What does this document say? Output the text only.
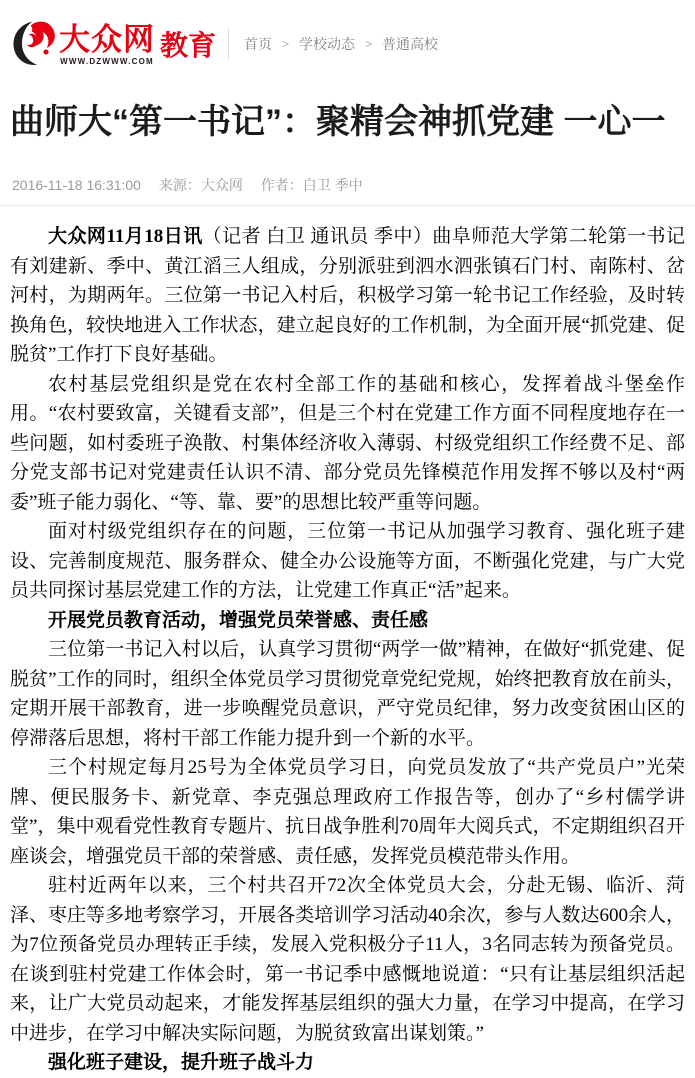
大众网
WWW.DZWWW.COM 教育 首页 > 学校动态 > 普通高校
曲师大“第一书记”：聚精会神抓党建 一心一
2016-11-18 16:31:00 来源：大众网 作者：白卫 季中

大众网11月18日讯（记者 白卫 通讯员 季中）曲阜师范大学第二轮第一书记有刘建新、季中、黄江滔三人组成，分别派驻到泗水泗张镇石门村、南陈村、岔河村，为期两年。三位第一书记入村后，积极学习第一轮书记工作经验，及时转换角色，较快地进入工作状态，建立起良好的工作机制，为全面开展“抓党建、促脱贫”工作打下良好基础。

农村基层党组织是党在农村全部工作的基础和核心，发挥着战斗堡垒作用。“农村要致富，关键看支部”，但是三个村在党建工作方面不同程度地存在一些问题，如村委班子涣散、村集体经济收入薄弱、村级党组织工作经费不足、部分党支部书记对党建责任认识不清、部分党员先锋模范作用发挥不够以及村“两委”班子能力弱化、“等、靠、要”的思想比较严重等问题。

面对村级党组织存在的问题，三位第一书记从加强学习教育、强化班子建设、完善制度规范、服务群众、健全办公设施等方面，不断强化党建，与广大党员共同探讨基层党建工作的方法，让党建工作真正“活”起来。

开展党员教育活动，增强党员荣誉感、责任感

三位第一书记入村以后，认真学习贯彻“两学一做”精神，在做好“抓党建、促脱贫”工作的同时，组织全体党员学习贯彻党章党纪党规，始终把教育放在前头，定期开展干部教育，进一步唤醒党员意识，严守党员纪律，努力改变贫困山区的停滞落后思想，将村干部工作能力提升到一个新的水平。

三个村规定每月25号为全体党员学习日，向党员发放了“共产党员户”光荣牌、便民服务卡、新党章、李克强总理政府工作报告等，创办了“乡村儒学讲堂”，集中观看党性教育专题片、抗日战争胜利70周年大阅兵式，不定期组织召开座谈会，增强党员干部的荣誉感、责任感，发挥党员模范带头作用。

驻村近两年以来，三个村共召开72次全体党员大会，分赴无锡、临沂、菏泽、枣庄等多地考察学习，开展各类培训学习活动40余次，参与人数达600余人，为7位预备党员办理转正手续，发展入党积极分子11人，3名同志转为预备党员。在谈到驻村党建工作体会时，第一书记季中感慨地说道：“只有让基层组织活起来，让广大党员动起来，才能发挥基层组织的强大力量，在学习中提高，在学习中进步，在学习中解决实际问题，为脱贫致富出谋划策。”

强化班子建设，提升班子战斗力
